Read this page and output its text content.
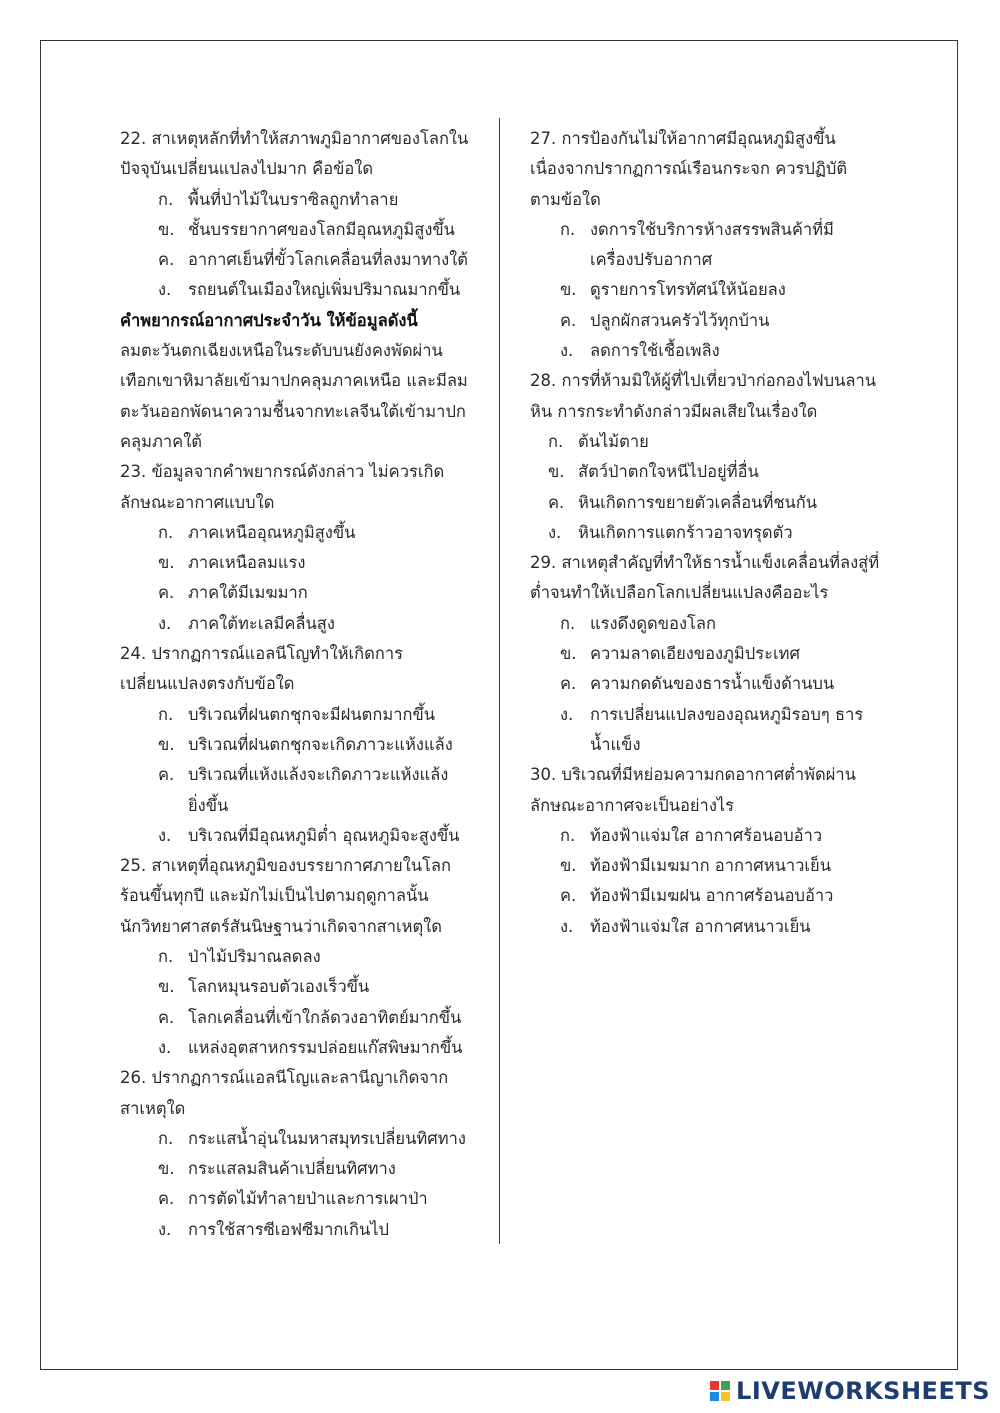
22. สาเหตุหลักที่ทำให้สภาพภูมิอากาศของโลกใน
ปัจจุบันเปลี่ยนแปลงไปมาก คือข้อใด
ก. พื้นที่ป่าไม้ในบราซิลถูกทำลาย
ข. ชั้นบรรยากาศของโลกมีอุณหภูมิสูงขึ้น
ค. อากาศเย็นที่ขั้วโลกเคลื่อนที่ลงมาทางใต้
ง. รถยนต์ในเมืองใหญ่เพิ่มปริมาณมากขึ้น
คำพยากรณ์อากาศประจำวัน ให้ข้อมูลดังนี้
ลมตะวันตกเฉียงเหนือในระดับบนยังคงพัดผ่าน
เทือกเขาหิมาลัยเข้ามาปกคลุมภาคเหนือ และมีลม
ตะวันออกพัดนาความชื้นจากทะเลจีนใต้เข้ามาปก
คลุมภาคใต้
23. ข้อมูลจากคำพยากรณ์ดังกล่าว ไม่ควรเกิด
ลักษณะอากาศแบบใด
ก. ภาคเหนืออุณหภูมิสูงขึ้น
ข. ภาคเหนือลมแรง
ค. ภาคใต้มีเมฆมาก
ง. ภาคใต้ทะเลมีคลื่นสูง
24. ปรากฏการณ์แอลนีโญทำให้เกิดการ
เปลี่ยนแปลงตรงกับข้อใด
ก. บริเวณที่ฝนตกชุกจะมีฝนตกมากขึ้น
ข. บริเวณที่ฝนตกชุกจะเกิดภาวะแห้งแล้ง
ค. บริเวณที่แห้งแล้งจะเกิดภาวะแห้งแล้ง
ยิ่งขึ้น
ง. บริเวณที่มีอุณหภูมิต่ำ อุณหภูมิจะสูงขึ้น
25. สาเหตุที่อุณหภูมิของบรรยากาศภายในโลก
ร้อนขึ้นทุกปี และมักไม่เป็นไปตามฤดูกาลนั้น
นักวิทยาศาสตร์สันนิษฐานว่าเกิดจากสาเหตุใด
ก. ป่าไม้ปริมาณลดลง
ข. โลกหมุนรอบตัวเองเร็วขึ้น
ค. โลกเคลื่อนที่เข้าใกล้ดวงอาทิตย์มากขึ้น
ง. แหล่งอุตสาหกรรมปล่อยแก๊สพิษมากขึ้น
26. ปรากฏการณ์แอลนีโญและลานีญาเกิดจาก
สาเหตุใด
ก. กระแสน้ำอุ่นในมหาสมุทรเปลี่ยนทิศทาง
ข. กระแสลมสินค้าเปลี่ยนทิศทาง
ค. การตัดไม้ทำลายป่าและการเผาป่า
ง. การใช้สารซีเอฟซีมากเกินไป
27. การป้องกันไม่ให้อากาศมีอุณหภูมิสูงขึ้น
เนื่องจากปรากฏการณ์เรือนกระจก ควรปฏิบัติ
ตามข้อใด
ก. งดการใช้บริการห้างสรรพสินค้าที่มี
เครื่องปรับอากาศ
ข. ดูรายการโทรทัศน์ให้น้อยลง
ค. ปลูกผักสวนครัวไว้ทุกบ้าน
ง. ลดการใช้เชื้อเพลิง
28. การที่ห้ามมิให้ผู้ที่ไปเที่ยวป่าก่อกองไฟบนลาน
หิน การกระทำดังกล่าวมีผลเสียในเรื่องใด
ก. ต้นไม้ตาย
ข. สัตว์ป่าตกใจหนีไปอยู่ที่อื่น
ค. หินเกิดการขยายตัวเคลื่อนที่ชนกัน
ง. หินเกิดการแตกร้าวอาจทรุดตัว
29. สาเหตุสำคัญที่ทำให้ธารน้ำแข็งเคลื่อนที่ลงสู่ที่
ต่ำจนทำให้เปลือกโลกเปลี่ยนแปลงคืออะไร
ก. แรงดึงดูดของโลก
ข. ความลาดเอียงของภูมิประเทศ
ค. ความกดดันของธารน้ำแข็งด้านบน
ง. การเปลี่ยนแปลงของอุณหภูมิรอบๆ ธาร
น้ำแข็ง
30. บริเวณที่มีหย่อมความกดอากาศต่ำพัดผ่าน
ลักษณะอากาศจะเป็นอย่างไร
ก. ท้องฟ้าแจ่มใส อากาศร้อนอบอ้าว
ข. ท้องฟ้ามีเมฆมาก อากาศหนาวเย็น
ค. ท้องฟ้ามีเมฆฝน อากาศร้อนอบอ้าว
ง. ท้องฟ้าแจ่มใส อากาศหนาวเย็น
LIVEWORKSHEETS
